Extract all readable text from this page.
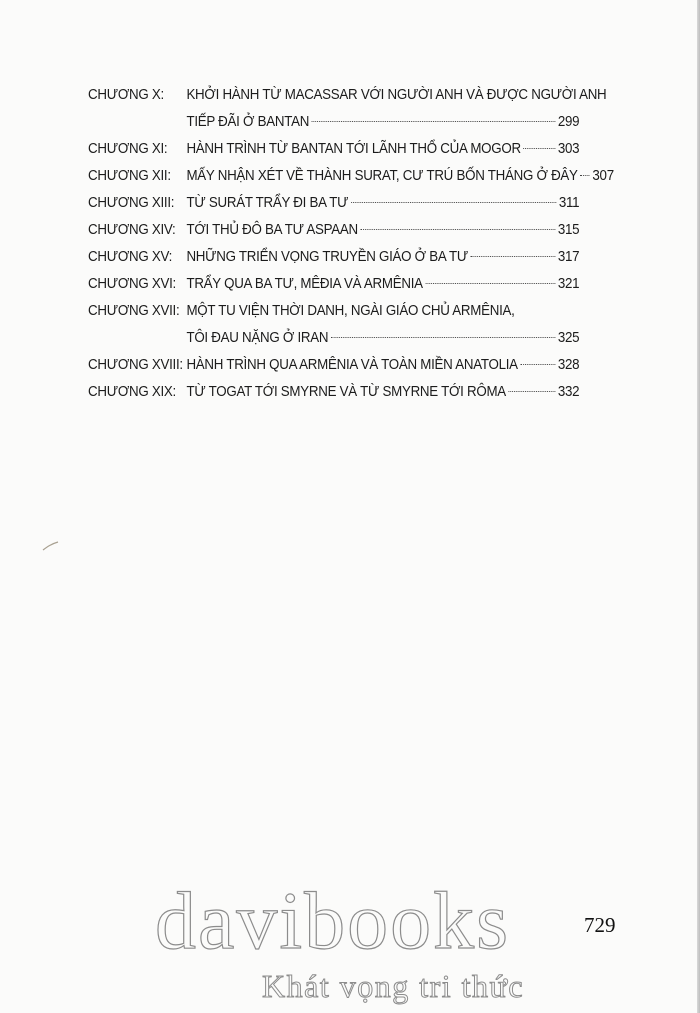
CHƯƠNG X:	KHỞI HÀNH TỪ MACASSAR VỚI NGƯỜI ANH VÀ ĐƯỢC NGƯỜI ANH
TIẾP ĐÃI Ở BANTAN	299
CHƯƠNG XI:	HÀNH TRÌNH TỪ BANTAN TỚI LÃNH THỔ CỦA MOGOR	303
CHƯƠNG XII:	MẤY NHẬN XÉT VỀ THÀNH SURAT, CƯ TRÚ BỐN THÁNG Ở ĐÂY 307
CHƯƠNG XIII: TỪ SURÁT TRẨY ĐI BA TƯ	311
CHƯƠNG XIV: TỚI THỦ ĐÔ BA TƯ ASPAAN	315
CHƯƠNG XV: NHỮNG TRIỂN VỌNG TRUYỀN GIÁO Ở BA TƯ	317
CHƯƠNG XVI: TRẨY QUA BA TƯ, MÊĐIA VÀ ARMÊNIA	321
CHƯƠNG XVII: MỘT TU VIỆN THỜI DANH, NGÀI GIÁO CHỦ ARMÊNIA,
TÔI ĐAU NẶNG Ở IRAN	325
CHƯƠNG XVIII: HÀNH TRÌNH QUA ARMÊNIA VÀ TOÀN MIỀN ANATOLIA	328
CHƯƠNG XIX: TỪ TOGAT TỚI SMYRNE VÀ TỪ SMYRNE TỚI RÔMA	332
729
davibooks
Khát vọng tri thức
